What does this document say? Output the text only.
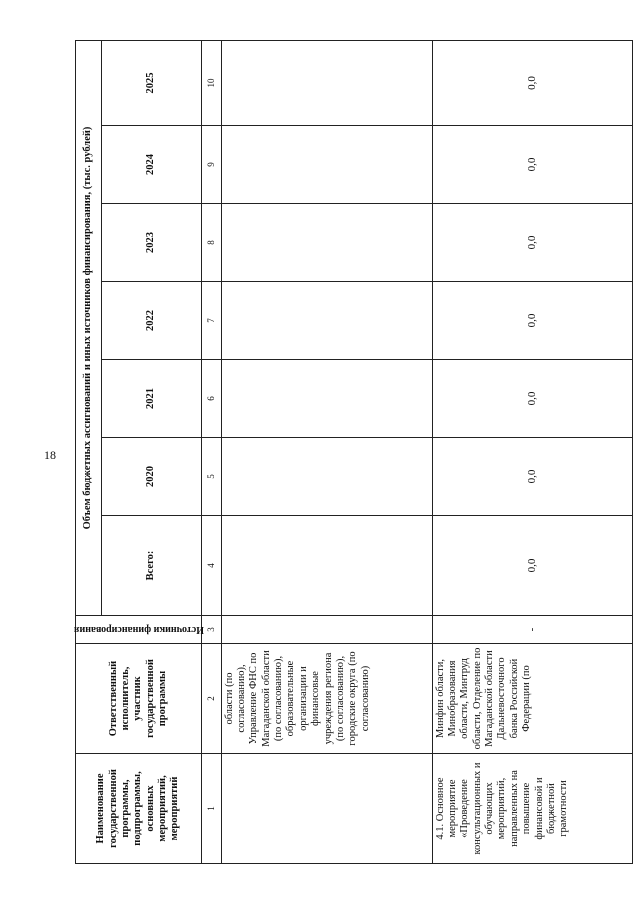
18
Наименование государственной программы, подпрограммы, основных мероприятий, мероприятий	Ответственный исполнитель, участник государственной программы	Источники финансирования	Объем бюджетных ассигнований и иных источников финансирования, (тыс. рублей)						
			Всего:	2020	2021	2022	2023	2024	2025
1	2	3	4	5	6	7	8	9	10
	области (по согласованию), Управление ФНС по Магаданской области (по согласованию), образовательные организации и финансовые учреждения региона (по согласованию), городские округа (по согласованию)								
4.1. Основное мероприятие «Проведение консультационных и обучающих мероприятий, направленных на повышение финансовой и бюджетной грамотности	Минфин области, Минобразования области, Минтруд области, Отделение по Магаданской области Дальневосточного банка Российской Федерации (по	-	0,0	0,0	0,0	0,0	0,0	0,0	0,0
